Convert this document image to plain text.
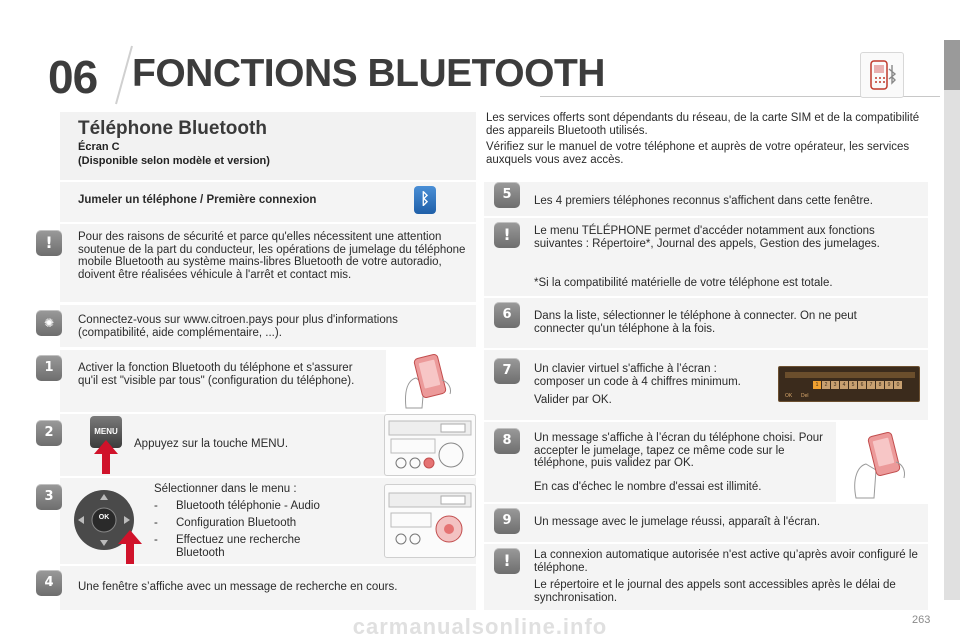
06 FONCTIONS BLUETOOTH
Téléphone Bluetooth
Écran C
(Disponible selon modèle et version)

Les services offerts sont dépendants du réseau, de la carte SIM et de la compatibilité des appareils Bluetooth utilisés.

Vérifiez sur le manuel de votre téléphone et auprès de votre opérateur, les services auxquels vous avez accès.

Jumeler un téléphone / Première connexion	ᛒ
!	Pour des raisons de sécurité et parce qu'elles nécessitent une attention soutenue de la part du conducteur, les opérations de jumelage du téléphone mobile Bluetooth au système mains-libres Bluetooth de votre autoradio, doivent être réalisées véhicule à l'arrêt et contact mis.
✺	Connectez-vous sur www.citroen.pays pour plus d'informations (compatibilité, aide complémentaire, ...).
1	Activer la fonction Bluetooth du téléphone et s'assurer qu'il est "visible par tous" (configuration du téléphone).
2	MENU
Appuyez sur la touche MENU.
3
OK
Sélectionner dans le menu :
-	Bluetooth téléphonie - Audio
-	Configuration Bluetooth
-	Effectuez une recherche Bluetooth
4	Une fenêtre s’affiche avec un message de recherche en cours.
5	Les 4 premiers téléphones reconnus s'affichent dans cette fenêtre.
!	Le menu TÉLÉPHONE permet d'accéder notamment aux fonctions suivantes : Répertoire*, Journal des appels, Gestion des jumelages.
*Si la compatibilité matérielle de votre téléphone est totale.
6	Dans la liste, sélectionner le téléphone à connecter. On ne peut connecter qu'un téléphone à la fois.
7	Un clavier virtuel s'affiche à l’écran : composer un code à 4 chiffres minimum.
Valider par OK.
1	2	3	4	5	6	7	8	9	0
OK Del
8	Un message s'affiche à l’écran du téléphone choisi. Pour accepter le jumelage, tapez ce même code sur le téléphone, puis validez par OK.
En cas d'échec le nombre d'essai est illimité.
9	Un message avec le jumelage réussi, apparaît à l'écran.
!	La connexion automatique autorisée n'est active qu’après avoir configuré le téléphone.
Le répertoire et le journal des appels sont accessibles après le délai de synchronisation.
carmanualsonline.info	263
